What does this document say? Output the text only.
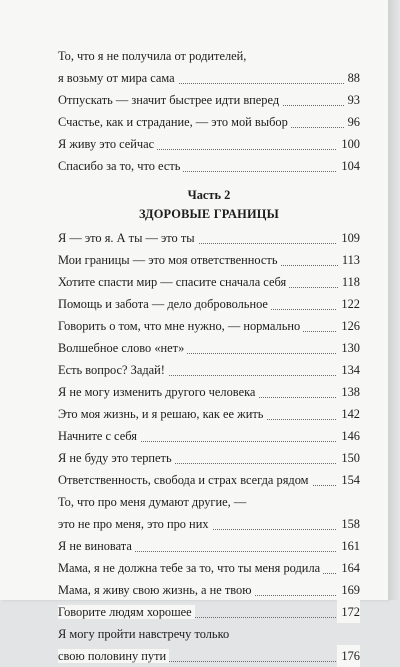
То, что я не получила от родителей,
я возьму от мира сама	88
Отпускать — значит быстрее идти вперед	93
Счастье, как и страдание, — это мой выбор	96
Я живу это сейчас	100
Спасибо за то, что есть	104
Часть 2
ЗДОРОВЫЕ ГРАНИЦЫ
Я — это я. А ты — это ты	109
Мои границы — это моя ответственность	113
Хотите спасти мир — спасите сначала себя	118
Помощь и забота — дело добровольное	122
Говорить о том, что мне нужно, — нормально	126
Волшебное слово «нет»	130
Есть вопрос? Задай!	134
Я не могу изменить другого человека	138
Это моя жизнь, и я решаю, как ее жить	142
Начните с себя	146
Я не буду это терпеть	150
Ответственность, свобода и страх всегда рядом	154
То, что про меня думают другие, —
это не про меня, это про них	158
Я не виновата	161
Мама, я не должна тебе за то, что ты меня родила	164
Мама, я живу свою жизнь, а не твою	169
Говорите людям хорошее	172
Я могу пройти навстречу только
свою половину пути	176
